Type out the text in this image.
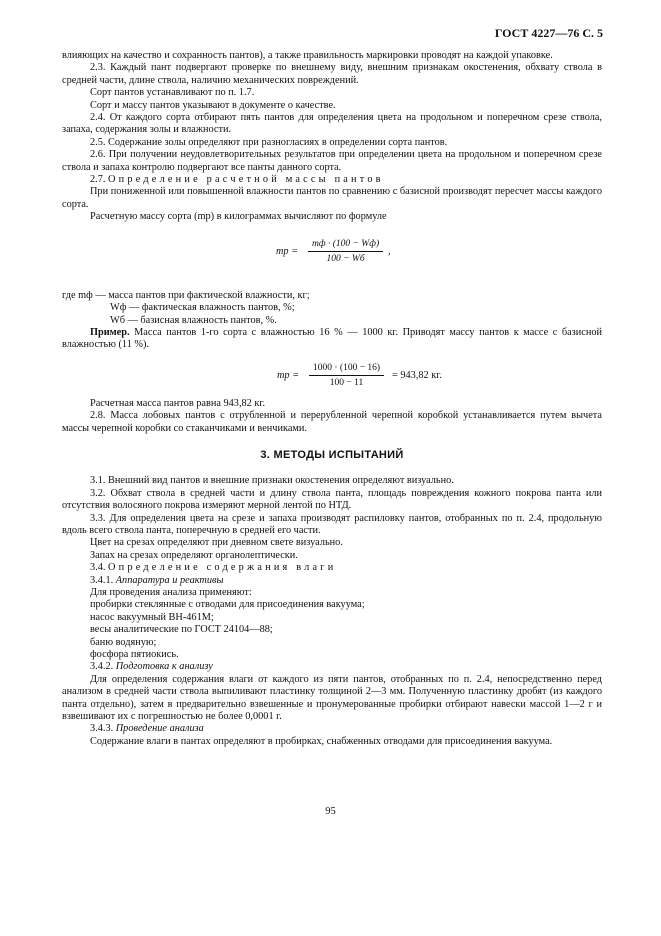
ГОСТ 4227—76 С. 5

влияющих на качество и сохранность пантов), а также правильность маркировки проводят на каждой упаковке.

2.3. Каждый пант подвергают проверке по внешнему виду, внешним признакам окостенения, обхвату ствола в средней части, длине ствола, наличию механических повреждений.

Сорт пантов устанавливают по п. 1.7.

Сорт и массу пантов указывают в документе о качестве.

2.4. От каждого сорта отбирают пять пантов для определения цвета на продольном и поперечном срезе ствола, запаха, содержания золы и влажности.

2.5. Содержание золы определяют при разногласиях в определении сорта пантов.

2.6. При получении неудовлетворительных результатов при определении цвета на продольном и поперечном срезе ствола и запаха контролю подвергают все панты данного сорта.

2.7. Определение расчетной массы пантов

При пониженной или повышенной влажности пантов по сравнению с базисной производят пересчет массы каждого сорта.

Расчетную массу сорта (mр) в килограммах вычисляют по формуле

mр =
mф · (100 − Wф)
100 − Wб
,

где mф — масса пантов при фактической влажности, кг;

Wф — фактическая влажность пантов, %;

Wб — базисная влажность пантов, %.

Пример. Масса пантов 1-го сорта с влажностью 16 % — 1000 кг. Приводят массу пантов к массе с базисной влажностью (11 %).

mр = $\frac{1000 \cdot (100 - 16)}{100 - 11} = 943,82$ кг.

Расчетная масса пантов равна 943,82 кг.

2.8. Масса лобовых пантов с отрубленной и перерубленной черепной коробкой устанавливается путем вычета массы черепной коробки со стаканчиками и венчиками.

3. МЕТОДЫ ИСПЫТАНИЙ

3.1. Внешний вид пантов и внешние признаки окостенения определяют визуально.

3.2. Обхват ствола в средней части и длину ствола панта, площадь повреждения кожного покрова панта или отсутствия волосяного покрова измеряют мерной лентой по НТД.

3.3. Для определения цвета на срезе и запаха производят распиловку пантов, отобранных по п. 2.4, продольную вдоль всего ствола панта, поперечную в средней его части.

Цвет на срезах определяют при дневном свете визуально.

Запах на срезах определяют органолептически.

3.4. Определение содержания влаги

3.4.1. Аппаратура и реактивы

Для проведения анализа применяют:

пробирки стеклянные с отводами для присоединения вакуума;

насос вакуумный ВН-461М;

весы аналитические по ГОСТ 24104—88;

баню водяную;

фосфора пятиокись.

3.4.2. Подготовка к анализу

Для определения содержания влаги от каждого из пяти пантов, отобранных по п. 2.4, непосредственно перед анализом в средней части ствола выпиливают пластинку толщиной 2—3 мм. Полученную пластинку дробят (из каждого панта отдельно), затем в предварительно взвешенные и пронумерованные пробирки отбирают навески массой 1—2 г и взвешивают их с погрешностью не более 0,0001 г.

3.4.3. Проведение анализа

Содержание влаги в пантах определяют в пробирках, снабженных отводами для присоединения вакуума.

95
